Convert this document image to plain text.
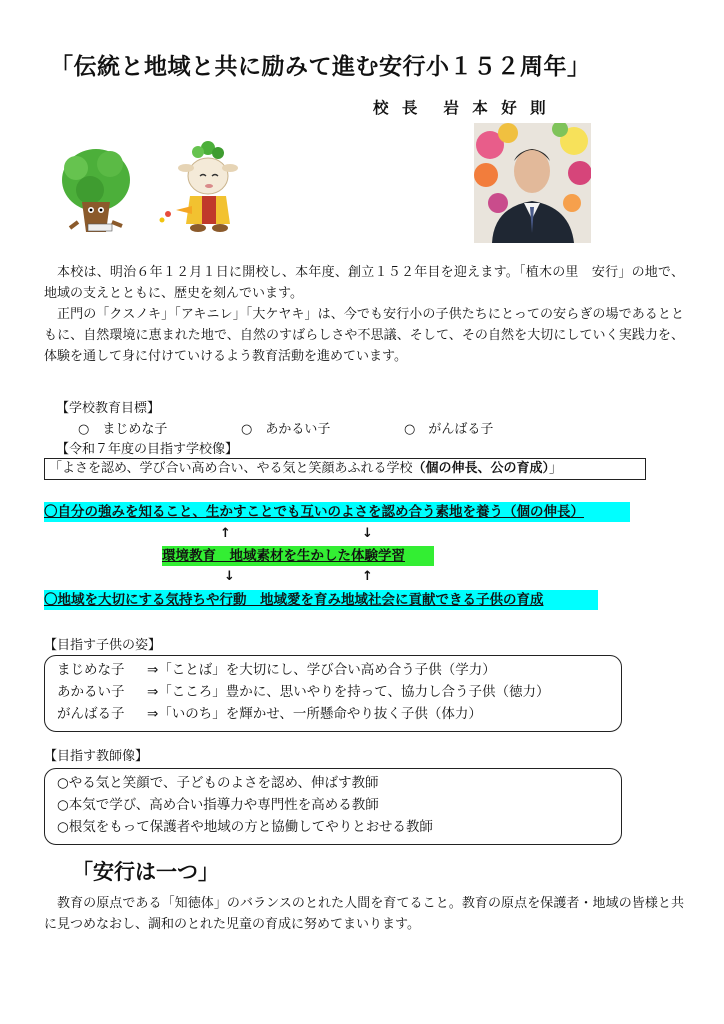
「伝統と地域と共に励みて進む安行小１５２周年」
校 長 岩 本 好 則
本校は、明治６年１２月１日に開校し、本年度、創立１５２年目を迎えます。「植木の里　安行」の地で、地域の支えとともに、歴史を刻んでいます。
正門の「クスノキ」「アキニレ」「大ケヤキ」は、今でも安行小の子供たちにとっての安らぎの場であるとともに、自然環境に恵まれた地で、自然のすばらしさや不思議、そして、その自然を大切にしていく実践力を、体験を通して身に付けていけるよう教育活動を進めています。
【学校教育目標】
○　まじめな子	○　あかるい子	○　がんばる子
【令和７年度の目指す学校像】
「よさを認め、学び合い高め合い、やる気と笑顔あふれる学校（個の伸長、公の育成）」
〇自分の強みを知ること、生かすことでも互いのよさを認め合う素地を養う（個の伸長）
↑	↓
環境教育　地域素材を生かした体験学習
↓	↑
〇地域を大切にする気持ちや行動　地域愛を育み地域社会に貢献できる子供の育成
【目指す子供の姿】
まじめな子 ⇒「ことば」を大切にし、学び合い高め合う子供（学力）
あかるい子 ⇒「こころ」豊かに、思いやりを持って、協力し合う子供（徳力）
がんばる子 ⇒「いのち」を輝かせ、一所懸命やり抜く子供（体力）
【目指す教師像】
○やる気と笑顔で、子どものよさを認め、伸ばす教師
○本気で学び、高め合い指導力や専門性を高める教師
○根気をもって保護者や地域の方と協働してやりとおせる教師
「安行は一つ」
教育の原点である「知徳体」のバランスのとれた人間を育てること。教育の原点を保護者・地域の皆様と共に見つめなおし、調和のとれた児童の育成に努めてまいります。
